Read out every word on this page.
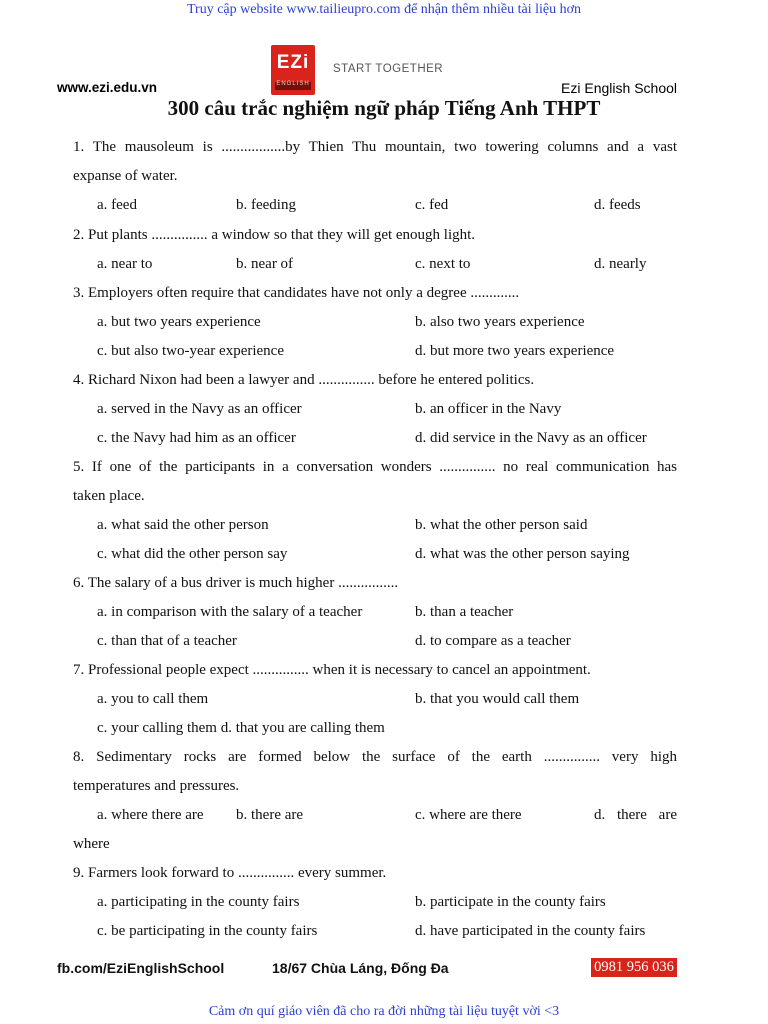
Truy cập website www.tailieupro.com để nhận thêm nhiều tài liệu hơn
EZi
ENGLISH
START TOGETHER
www.ezi.edu.vn	Ezi English School
300 câu trắc nghiệm ngữ pháp Tiếng Anh THPT
1. The mausoleum is .................by Thien Thu mountain, two towering columns and a vast
expanse of water.
a. feed	b. feeding	c. fed	d. feeds
2. Put plants ............... a window so that they will get enough light.
a. near to	b. near of	c. next to	d. nearly
3. Employers often require that candidates have not only a degree .............
a. but two years experience	b. also two years experience
c. but also two-year experience	d. but more two years experience
4. Richard Nixon had been a lawyer and ............... before he entered politics.
a. served in the Navy as an officer	b. an officer in the Navy
c. the Navy had him as an officer	d. did service in the Navy as an officer
5. If one of the participants in a conversation wonders ............... no real communication has
taken place.
a. what said the other person	b. what the other person said
c. what did the other person say	d. what was the other person saying
6. The salary of a bus driver is much higher ................
a. in comparison with the salary of a teacher	b. than a teacher
c. than that of a teacher	d. to compare as a teacher
7. Professional people expect ............... when it is necessary to cancel an appointment.
a. you to call them	b. that you would call them
c. your calling them d. that you are calling them
8. Sedimentary rocks are formed below the surface of the earth ............... very high
temperatures and pressures.
a. where there are b. there are	c. where are there	d. there are
where
9. Farmers look forward to ............... every summer.
a. participating in the county fairs	b. participate in the county fairs
c. be participating in the county fairs	d. have participated in the county fairs
fb.com/EziEnglishSchool	18/67 Chùa Láng, Đống Đa	0981 956 036
Cảm ơn quí giáo viên đã cho ra đời những tài liệu tuyệt vời <3
